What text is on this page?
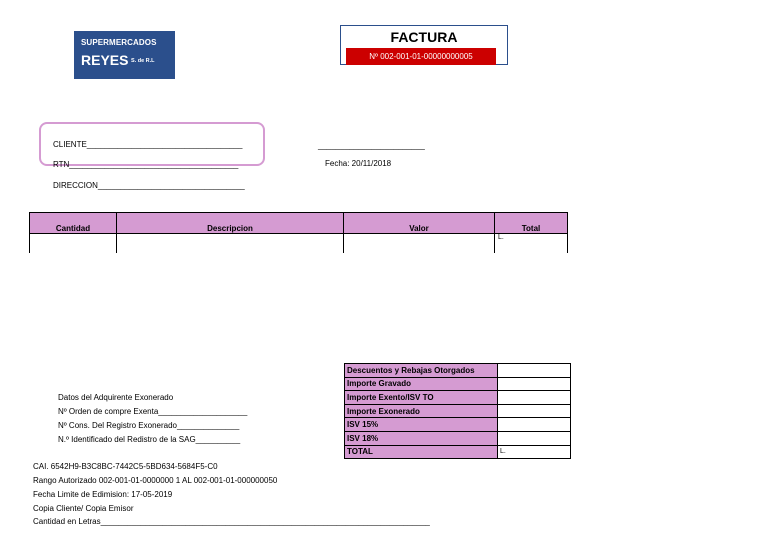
SUPERMERCADOS
REYES S. de R.L
FACTURA
Nº 002-001-01-00000000005
CLIENTE___________________________________
RTN______________________________________
DIRECCION_________________________________
________________________
Fecha: 20/11/2018
Cantidad	Descripcion	Valor	Total
			L.
Descuentos y Rebajas Otorgados	
Importe Gravado	
Importe Exento/ISV TO	
Importe Exonerado	
ISV 15%	
ISV 18%	
TOTAL	L.
Datos del Adquirente Exonerado
Nº Orden de compre Exenta____________________
Nº Cons. Del Registro Exonerado______________
N.º Identificado del Redistro de la SAG__________
CAI. 6542H9-B3C8BC-7442C5-5BD634-5684F5-C0
Rango Autorizado 002-001-01-0000000 1 AL 002-001-01-000000050
Fecha Limite de Edimision: 17-05-2019
Copia Cliente/ Copia Emisor
Cantidad en Letras__________________________________________________________________________
